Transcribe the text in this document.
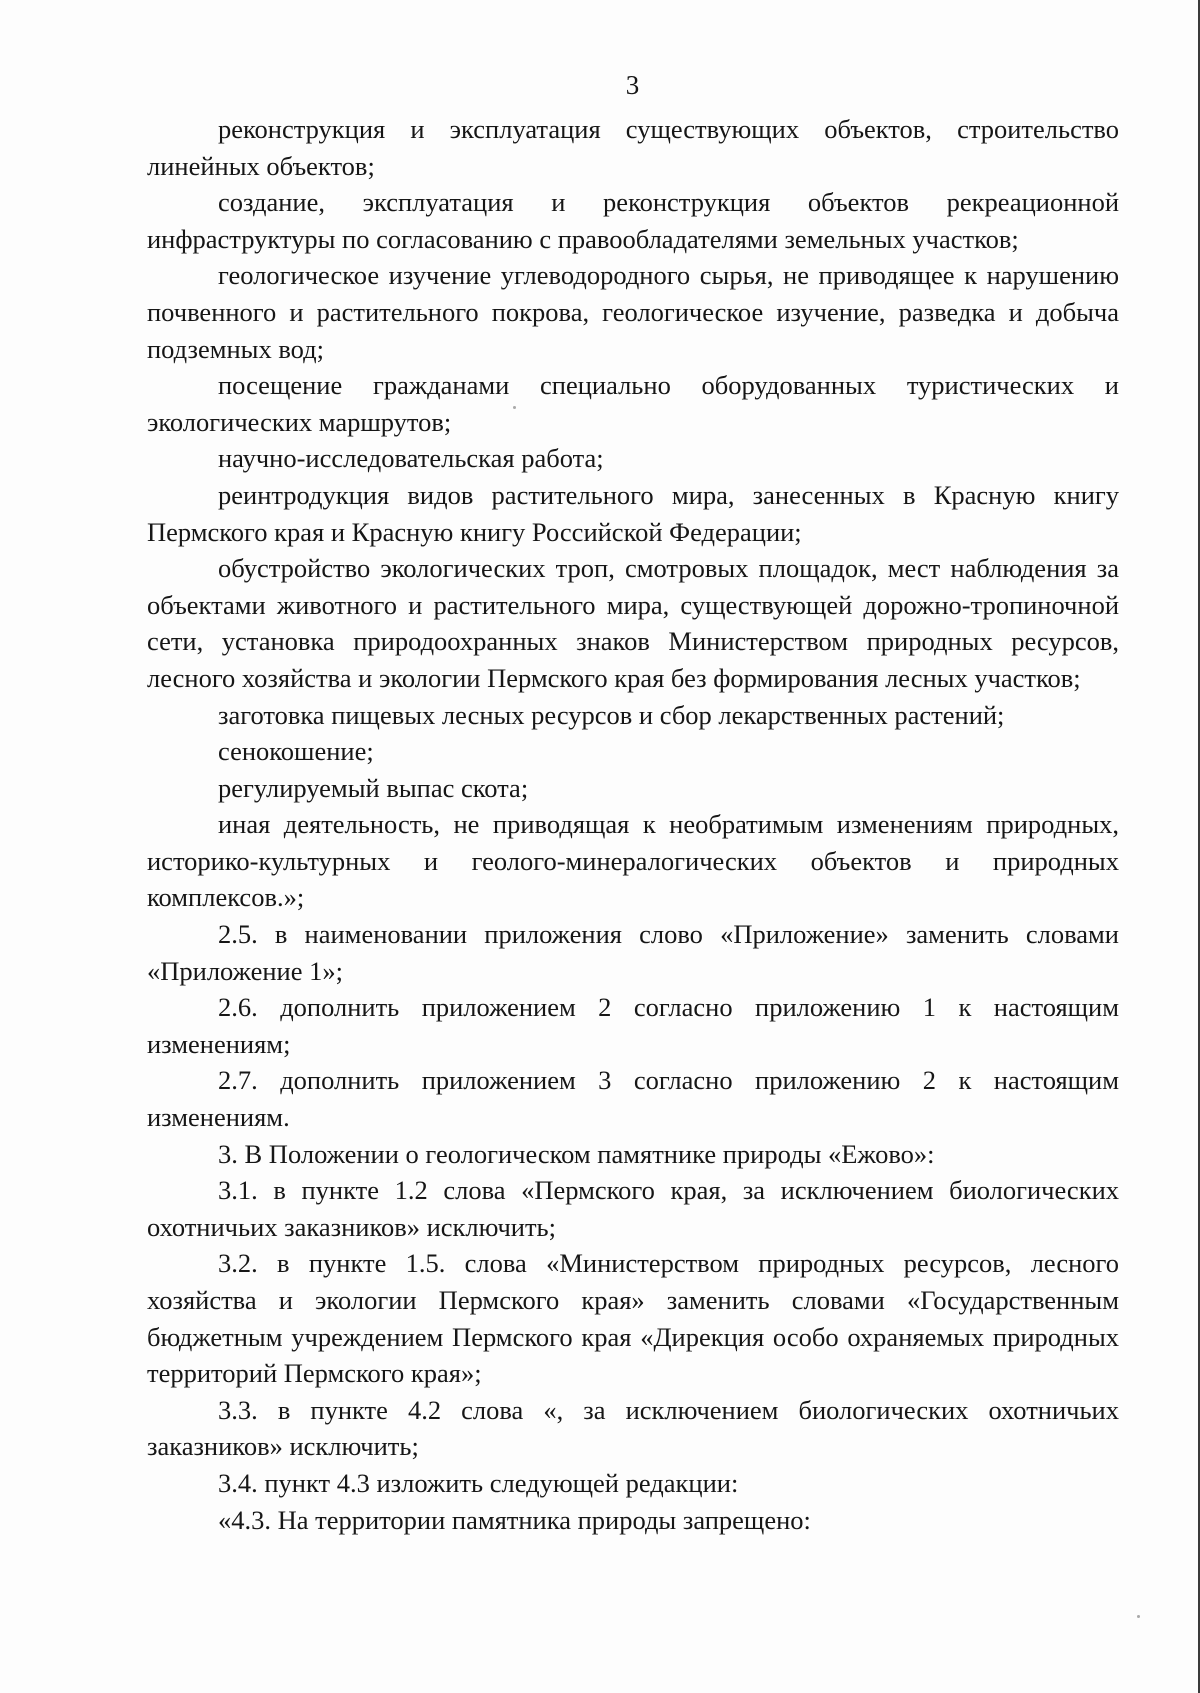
3

реконструкция и эксплуатация существующих объектов, строительство линейных объектов;

создание, эксплуатация и реконструкция объектов рекреационной инфраструктуры по согласованию с правообладателями земельных участков;

геологическое изучение углеводородного сырья, не приводящее к нарушению почвенного и растительного покрова, геологическое изучение, разведка и добыча подземных вод;

посещение гражданами специально оборудованных туристических и экологических маршрутов;

научно-исследовательская работа;

реинтродукция видов растительного мира, занесенных в Красную книгу Пермского края и Красную книгу Российской Федерации;

обустройство экологических троп, смотровых площадок, мест наблюдения за объектами животного и растительного мира, существующей дорожно-тропиночной сети, установка природоохранных знаков Министерством природных ресурсов, лесного хозяйства и экологии Пермского края без формирования лесных участков;

заготовка пищевых лесных ресурсов и сбор лекарственных растений;

сенокошение;

регулируемый выпас скота;

иная деятельность, не приводящая к необратимым изменениям природных, историко-культурных и геолого-минералогических объектов и природных комплексов.»;

2.5. в наименовании приложения слово «Приложение» заменить словами «Приложение 1»;

2.6. дополнить приложением 2 согласно приложению 1 к настоящим изменениям;

2.7. дополнить приложением 3 согласно приложению 2 к настоящим изменениям.

3. В Положении о геологическом памятнике природы «Ежово»:

3.1. в пункте 1.2 слова «Пермского края, за исключением биологических охотничьих заказников» исключить;

3.2. в пункте 1.5. слова «Министерством природных ресурсов, лесного хозяйства и экологии Пермского края» заменить словами «Государственным бюджетным учреждением Пермского края «Дирекция особо охраняемых природных территорий Пермского края»;

3.3. в пункте 4.2 слова «, за исключением биологических охотничьих заказников» исключить;

3.4. пункт 4.3 изложить следующей редакции:

«4.3. На территории памятника природы запрещено:
